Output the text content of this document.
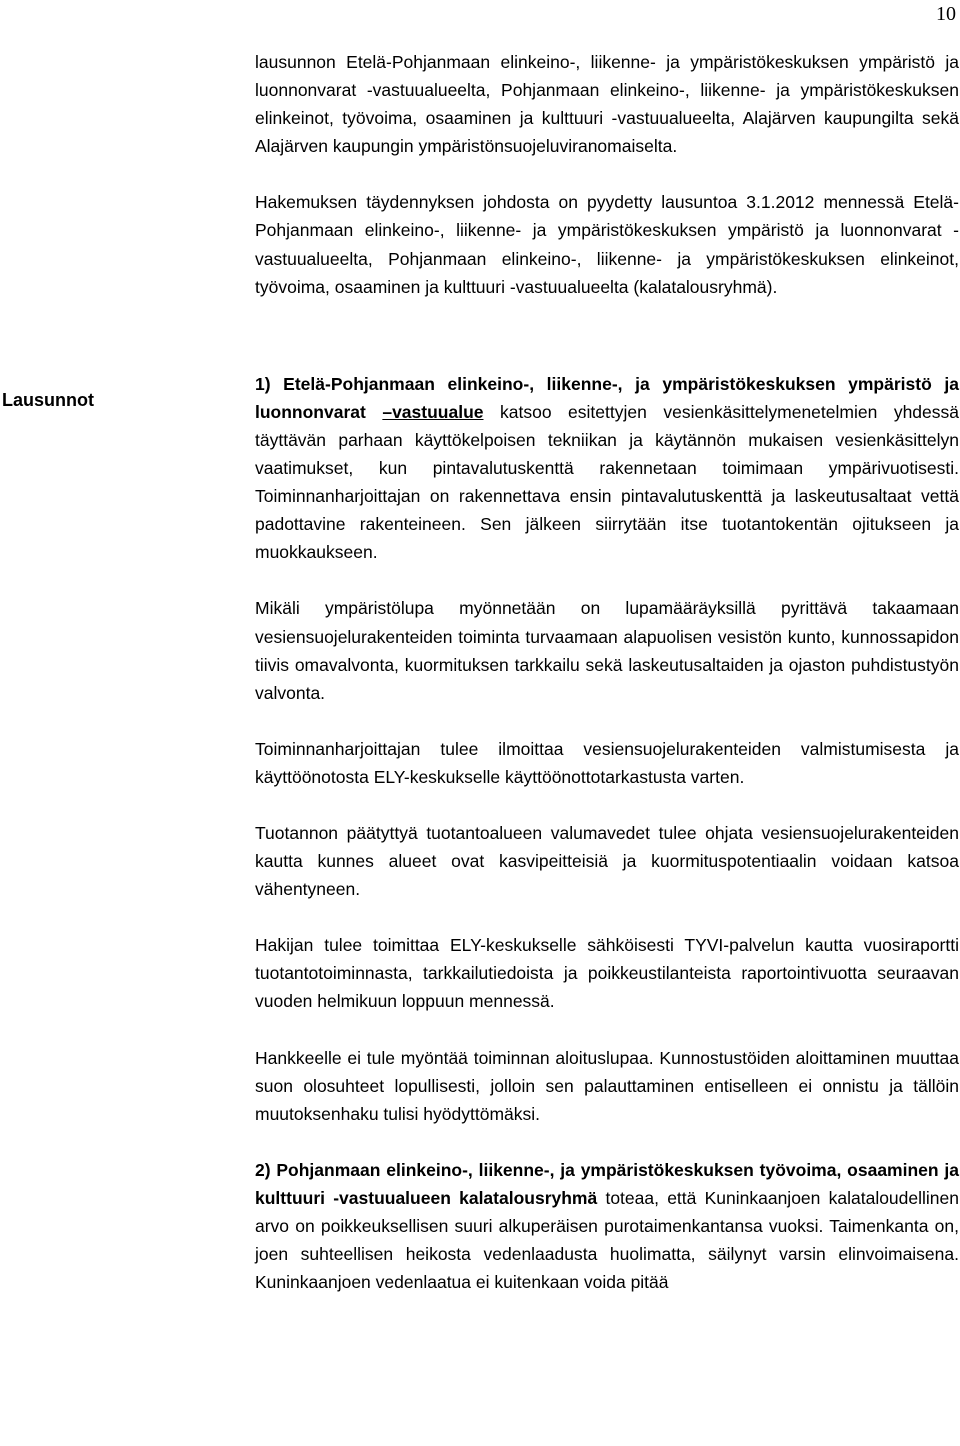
10
Lausunnot

lausunnon Etelä-Pohjanmaan elinkeino-, liikenne- ja ympäristökeskuksen ympäristö ja luonnonvarat -vastuualueelta, Pohjanmaan elinkeino-, liikenne- ja ympäristökeskuksen elinkeinot, työvoima, osaaminen ja kulttuuri -vastuualueelta, Alajärven kaupungilta sekä Alajärven kaupungin ympäristönsuojeluviranomaiselta.

Hakemuksen täydennyksen johdosta on pyydetty lausuntoa 3.1.2012 mennessä Etelä-Pohjanmaan elinkeino-, liikenne- ja ympäristökeskuksen ympäristö ja luonnonvarat -vastuualueelta, Pohjanmaan elinkeino-, liikenne- ja ympäristökeskuksen elinkeinot, työvoima, osaaminen ja kulttuuri -vastuualueelta (kalatalousryhmä).

1) Etelä-Pohjanmaan elinkeino-, liikenne-, ja ympäristökeskuksen ympäristö ja luonnonvarat –vastuualue katsoo esitettyjen vesienkäsittelymenetelmien yhdessä täyttävän parhaan käyttökelpoisen tekniikan ja käytännön mukaisen vesienkäsittelyn vaatimukset, kun pintavalutuskenttä rakennetaan toimimaan ympärivuotisesti. Toiminnanharjoittajan on rakennettava ensin pintavalutuskenttä ja laskeutusaltaat vettä padottavine rakenteineen. Sen jälkeen siirrytään itse tuotantokentän ojitukseen ja muokkaukseen.

Mikäli ympäristölupa myönnetään on lupamääräyksillä pyrittävä takaamaan vesiensuojelurakenteiden toiminta turvaamaan alapuolisen vesistön kunto, kunnossapidon tiivis omavalvonta, kuormituksen tarkkailu sekä laskeutusaltaiden ja ojaston puhdistustyön valvonta.

Toiminnanharjoittajan tulee ilmoittaa vesiensuojelurakenteiden valmistumisesta ja käyttöönotosta ELY-keskukselle käyttöönottotarkastusta varten.

Tuotannon päätyttyä tuotantoalueen valumavedet tulee ohjata vesiensuojelurakenteiden kautta kunnes alueet ovat kasvipeitteisiä ja kuormituspotentiaalin voidaan katsoa vähentyneen.

Hakijan tulee toimittaa ELY-keskukselle sähköisesti TYVI-palvelun kautta vuosiraportti tuotantotoiminnasta, tarkkailutiedoista ja poikkeustilanteista raportointivuotta seuraavan vuoden helmikuun loppuun mennessä.

Hankkeelle ei tule myöntää toiminnan aloituslupaa. Kunnostustöiden aloittaminen muuttaa suon olosuhteet lopullisesti, jolloin sen palauttaminen entiselleen ei onnistu ja tällöin muutoksenhaku tulisi hyödyttömäksi.

2) Pohjanmaan elinkeino-, liikenne-, ja ympäristökeskuksen työvoima, osaaminen ja kulttuuri -vastuualueen kalatalousryhmä toteaa, että Kuninkaanjoen kalataloudellinen arvo on poikkeuksellisen suuri alkuperäisen purotaimenkantansa vuoksi. Taimenkanta on, joen suhteellisen heikosta vedenlaadusta huolimatta, säilynyt varsin elinvoimaisena. Kuninkaanjoen vedenlaatua ei kuitenkaan voida pitää
